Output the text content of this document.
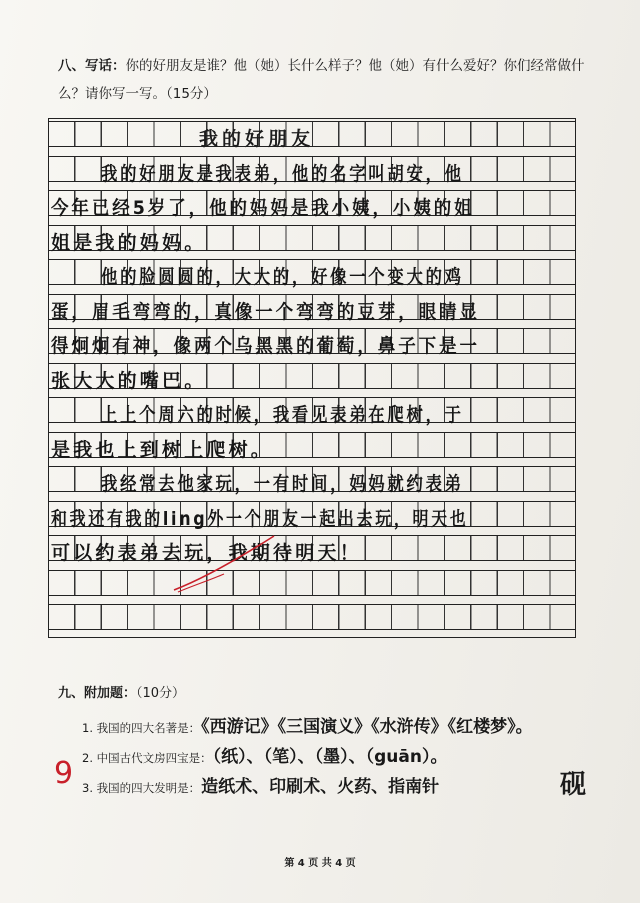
八、写话：你的好朋友是谁？他（她）长什么样子？他（她）有什么爱好？你们经常做什么？请你写一写。（15分）
我的好朋友
我的好朋友是我表弟，他的名字叫胡安，他
今年已经5岁了，他的妈妈是我小姨，小姨的姐
姐是我的妈妈。
他的脸圆圆的，大大的，好像一个变大的鸡
蛋，眉毛弯弯的，真像一个弯弯的豆芽，眼睛显
得炯炯有神，像两个乌黑黑的葡萄，鼻子下是一
张大大的嘴巴。
上上个周六的时候，我看见表弟在爬树，于
是我也上到树上爬树。
我经常去他家玩，一有时间，妈妈就约表弟
和我还有我的ling外一个朋友一起出去玩，明天也
可以约表弟去玩，我期待明天！
九、附加题：（10分）
1. 我国的四大名著是：《西游记》《三国演义》《水浒传》《红楼梦》。
2. 中国古代文房四宝是：（纸）、（笔）、（墨）、（guān）。
3. 我国的四大发明是：造纸术、印刷术、火药、指南针	砚
9
第 4 页 共 4 页
